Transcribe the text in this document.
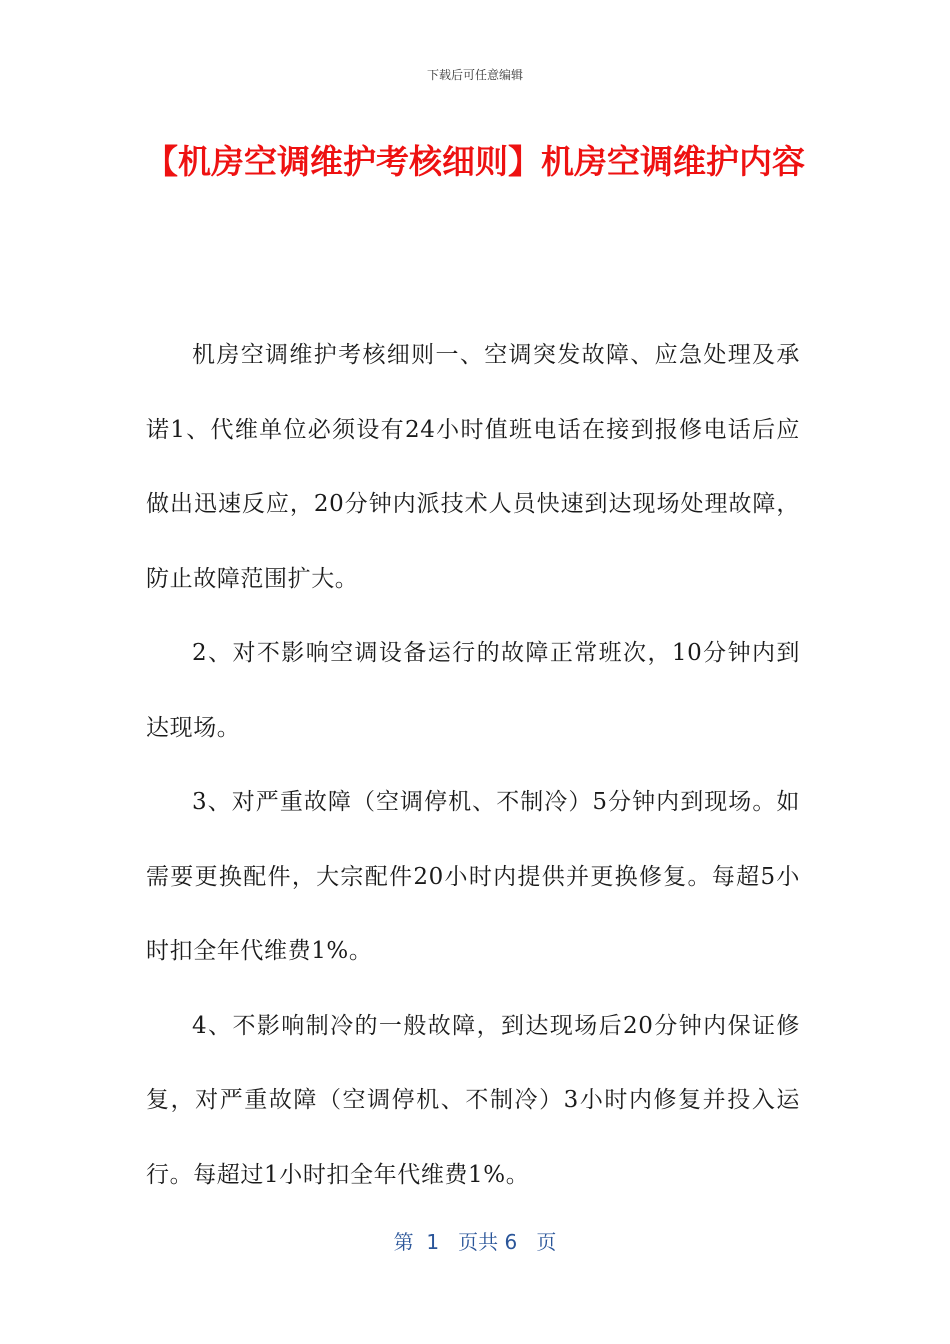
下载后可任意编辑
【机房空调维护考核细则】机房空调维护内容

机房空调维护考核细则一、空调突发故障、应急处理及承诺1、代维单位必须设有24小时值班电话在接到报修电话后应做出迅速反应，20分钟内派技术人员快速到达现场处理故障，防止故障范围扩大。

2、对不影响空调设备运行的故障正常班次，10分钟内到达现场。

3、对严重故障（空调停机、不制冷）5分钟内到现场。如需要更换配件，大宗配件20小时内提供并更换修复。每超5小时扣全年代维费1%。

4、不影响制冷的一般故障，到达现场后20分钟内保证修复，对严重故障（空调停机、不制冷）3小时内修复并投入运行。每超过1小时扣全年代维费1%。

第  1   页共 6   页
